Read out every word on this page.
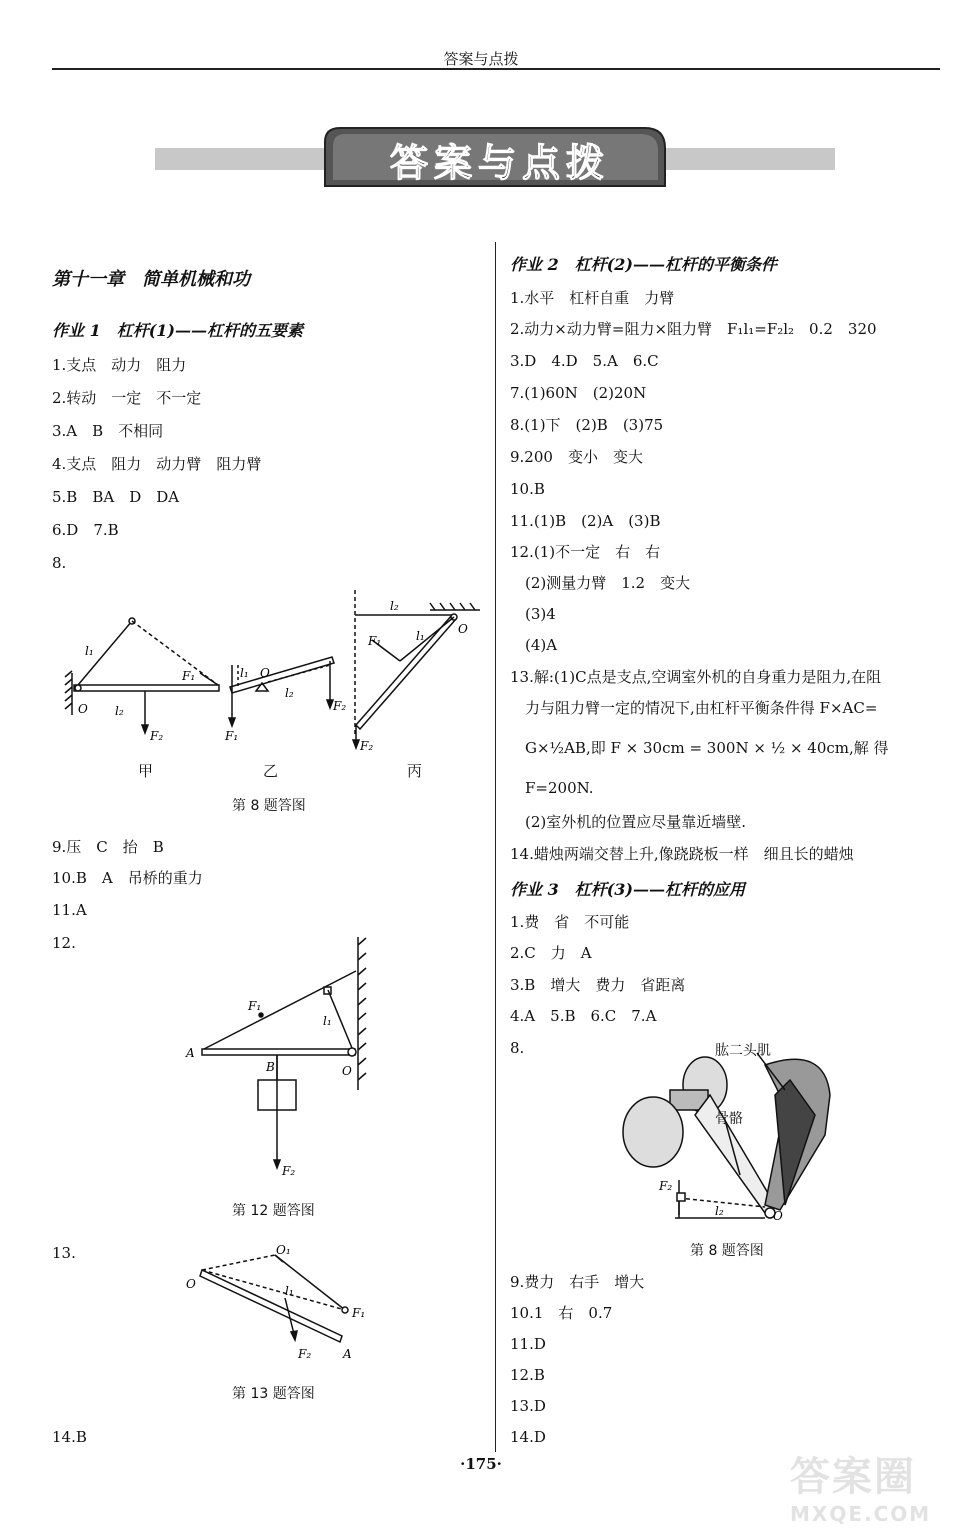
答案与点拨
答案与点拨
第十一章　简单机械和功
作业 1　杠杆(1)——杠杆的五要素
1.支点　动力　阻力
2.转动　一定　不一定
3.A　B　不相同
4.支点　阻力　动力臂　阻力臂
5.B　BA　D　DA
6.D　7.B
8.
l₁
l₂
F₁
F₂
O
l₁ O
l₂
F₁
F₂
l₂
l₁
F₁
O
F₂
甲	乙	丙
第 8 题答图
9.压　C　抬　B
10.B　A　吊桥的重力
11.A
12.
F₁
l₁
A
B	O
F₂
第 12 题答图
13.	O₁
O	l₁
F₁
F₂	A
第 13 题答图
14.B
作业 2　杠杆(2)——杠杆的平衡条件
1.水平　杠杆自重　力臂
2.动力×动力臂=阻力×阻力臂　F₁l₁=F₂l₂　0.2　320
3.D　4.D　5.A　6.C
7.(1)60N　(2)20N
8.(1)下　(2)B　(3)75
9.200　变小　变大
10.B
11.(1)B　(2)A　(3)B
12.(1)不一定　右　右
　(2)测量力臂　1.2　变大
　(3)4
　(4)A
13.解:(1)C点是支点,空调室外机的自身重力是阻力,在阻
　力与阻力臂一定的情况下,由杠杆平衡条件得 F×AC=
　G×½AB,即 F × 30cm = 300N × ½ × 40cm,解 得
　F=200N.
　(2)室外机的位置应尽量靠近墙壁.
14.蜡烛两端交替上升,像跷跷板一样　细且长的蜡烛
作业 3　杠杆(3)——杠杆的应用
1.费　省　不可能
2.C　力　A
3.B　增大　费力　省距离
4.A　5.B　6.C　7.A
8.
F₂
l₂	O
肱二头肌
骨骼
第 8 题答图
9.费力　右手　增大
10.1　右　0.7
11.D
12.B
13.D
14.D
·175·	答案圈
MXQE.COM
